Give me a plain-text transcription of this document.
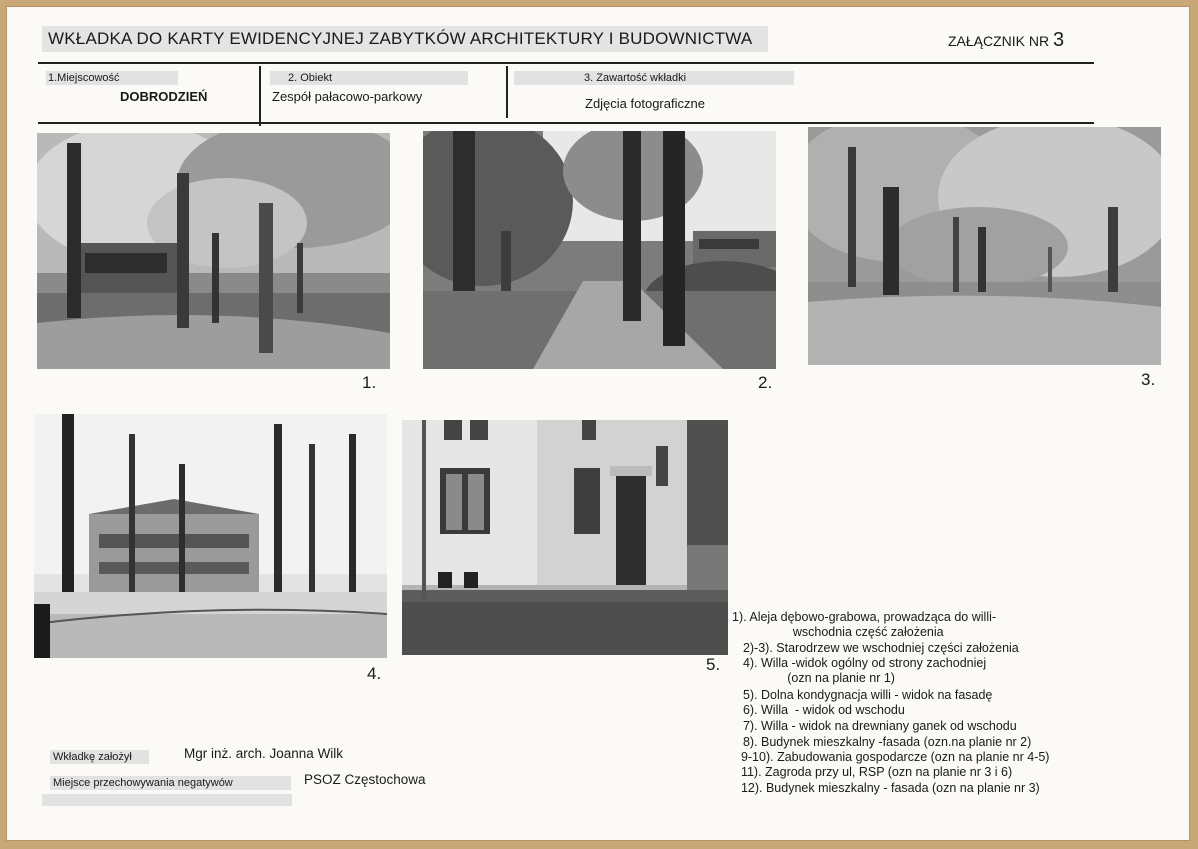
WKŁADKA DO KARTY EWIDENCYJNEJ ZABYTKÓW ARCHITEKTURY I BUDOWNICTWA	ZAŁĄCZNIK NR 3
1.Miejscowość
DOBRODZIEŃ
2. Obiekt
Zespół pałacowo-parkowy
3. Zawartość wkładki
Zdjęcia fotograficzne
1.	2.	3.
4.	5.
1). Aleja dębowo-grabowa, prowadząca do willi-
wschodnia część założenia
2)-3). Starodrzew we wschodniej części założenia
4). Willa -widok ogólny od strony zachodniej
(ozn na planie nr 1)
5). Dolna kondygnacja willi - widok na fasadę
6). Willa  - widok od wschodu
7). Willa - widok na drewniany ganek od wschodu
8). Budynek mieszkalny -fasada (ozn.na planie nr 2)
9-10). Zabudowania gospodarcze (ozn na planie nr 4-5)
11). Zagroda przy ul, RSP (ozn na planie nr 3 i 6)
12). Budynek mieszkalny - fasada (ozn na planie nr 3)
Wkładkę założył	Mgr inż. arch. Joanna Wilk
Miejsce przechowywania negatywów	PSOZ Częstochowa
